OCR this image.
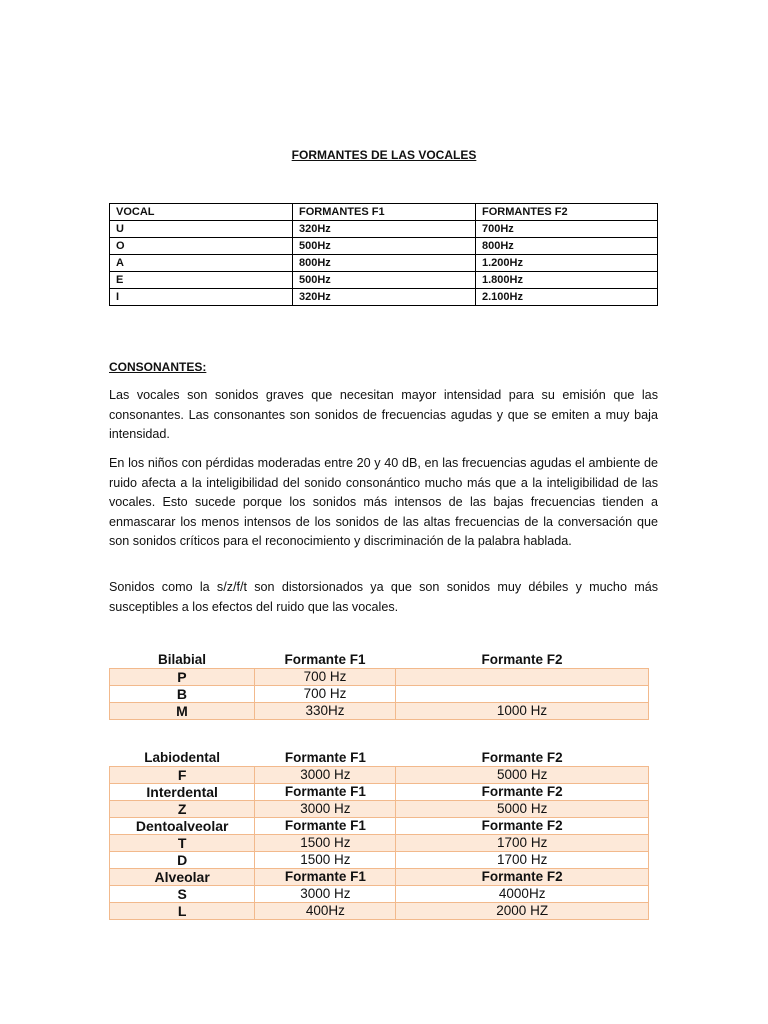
FORMANTES DE LAS VOCALES
VOCAL	FORMANTES F1	FORMANTES F2
U	320Hz	700Hz
O	500Hz	800Hz
A	800Hz	1.200Hz
E	500Hz	1.800Hz
I	320Hz	2.100Hz
CONSONANTES:

Las vocales son sonidos graves que necesitan mayor intensidad para su emisión que las consonantes. Las consonantes son sonidos de frecuencias agudas y que se emiten a muy baja intensidad.

En los niños con pérdidas moderadas entre 20 y 40 dB, en las frecuencias agudas el ambiente de ruido afecta a la inteligibilidad del sonido consonántico mucho más que a la inteligibilidad de las vocales. Esto sucede porque los sonidos más intensos de las bajas frecuencias tienden a enmascarar los menos intensos de los sonidos de las altas frecuencias de la conversación que son sonidos críticos para el reconocimiento y discriminación de la palabra hablada.

Sonidos como la s/z/f/t son distorsionados ya que son sonidos muy débiles y mucho más susceptibles a los efectos del ruido que las vocales.

Bilabial	Formante F1	Formante F2
P	700 Hz	
B	700 Hz	
M	330Hz	1000 Hz
Labiodental	Formante F1	Formante F2
F	3000 Hz	5000 Hz
Interdental	Formante F1	Formante F2
Z	3000 Hz	5000 Hz
Dentoalveolar	Formante F1	Formante F2
T	1500 Hz	1700 Hz
D	1500 Hz	1700 Hz
Alveolar	Formante F1	Formante F2
S	3000 Hz	4000Hz
L	400Hz	2000 HZ
